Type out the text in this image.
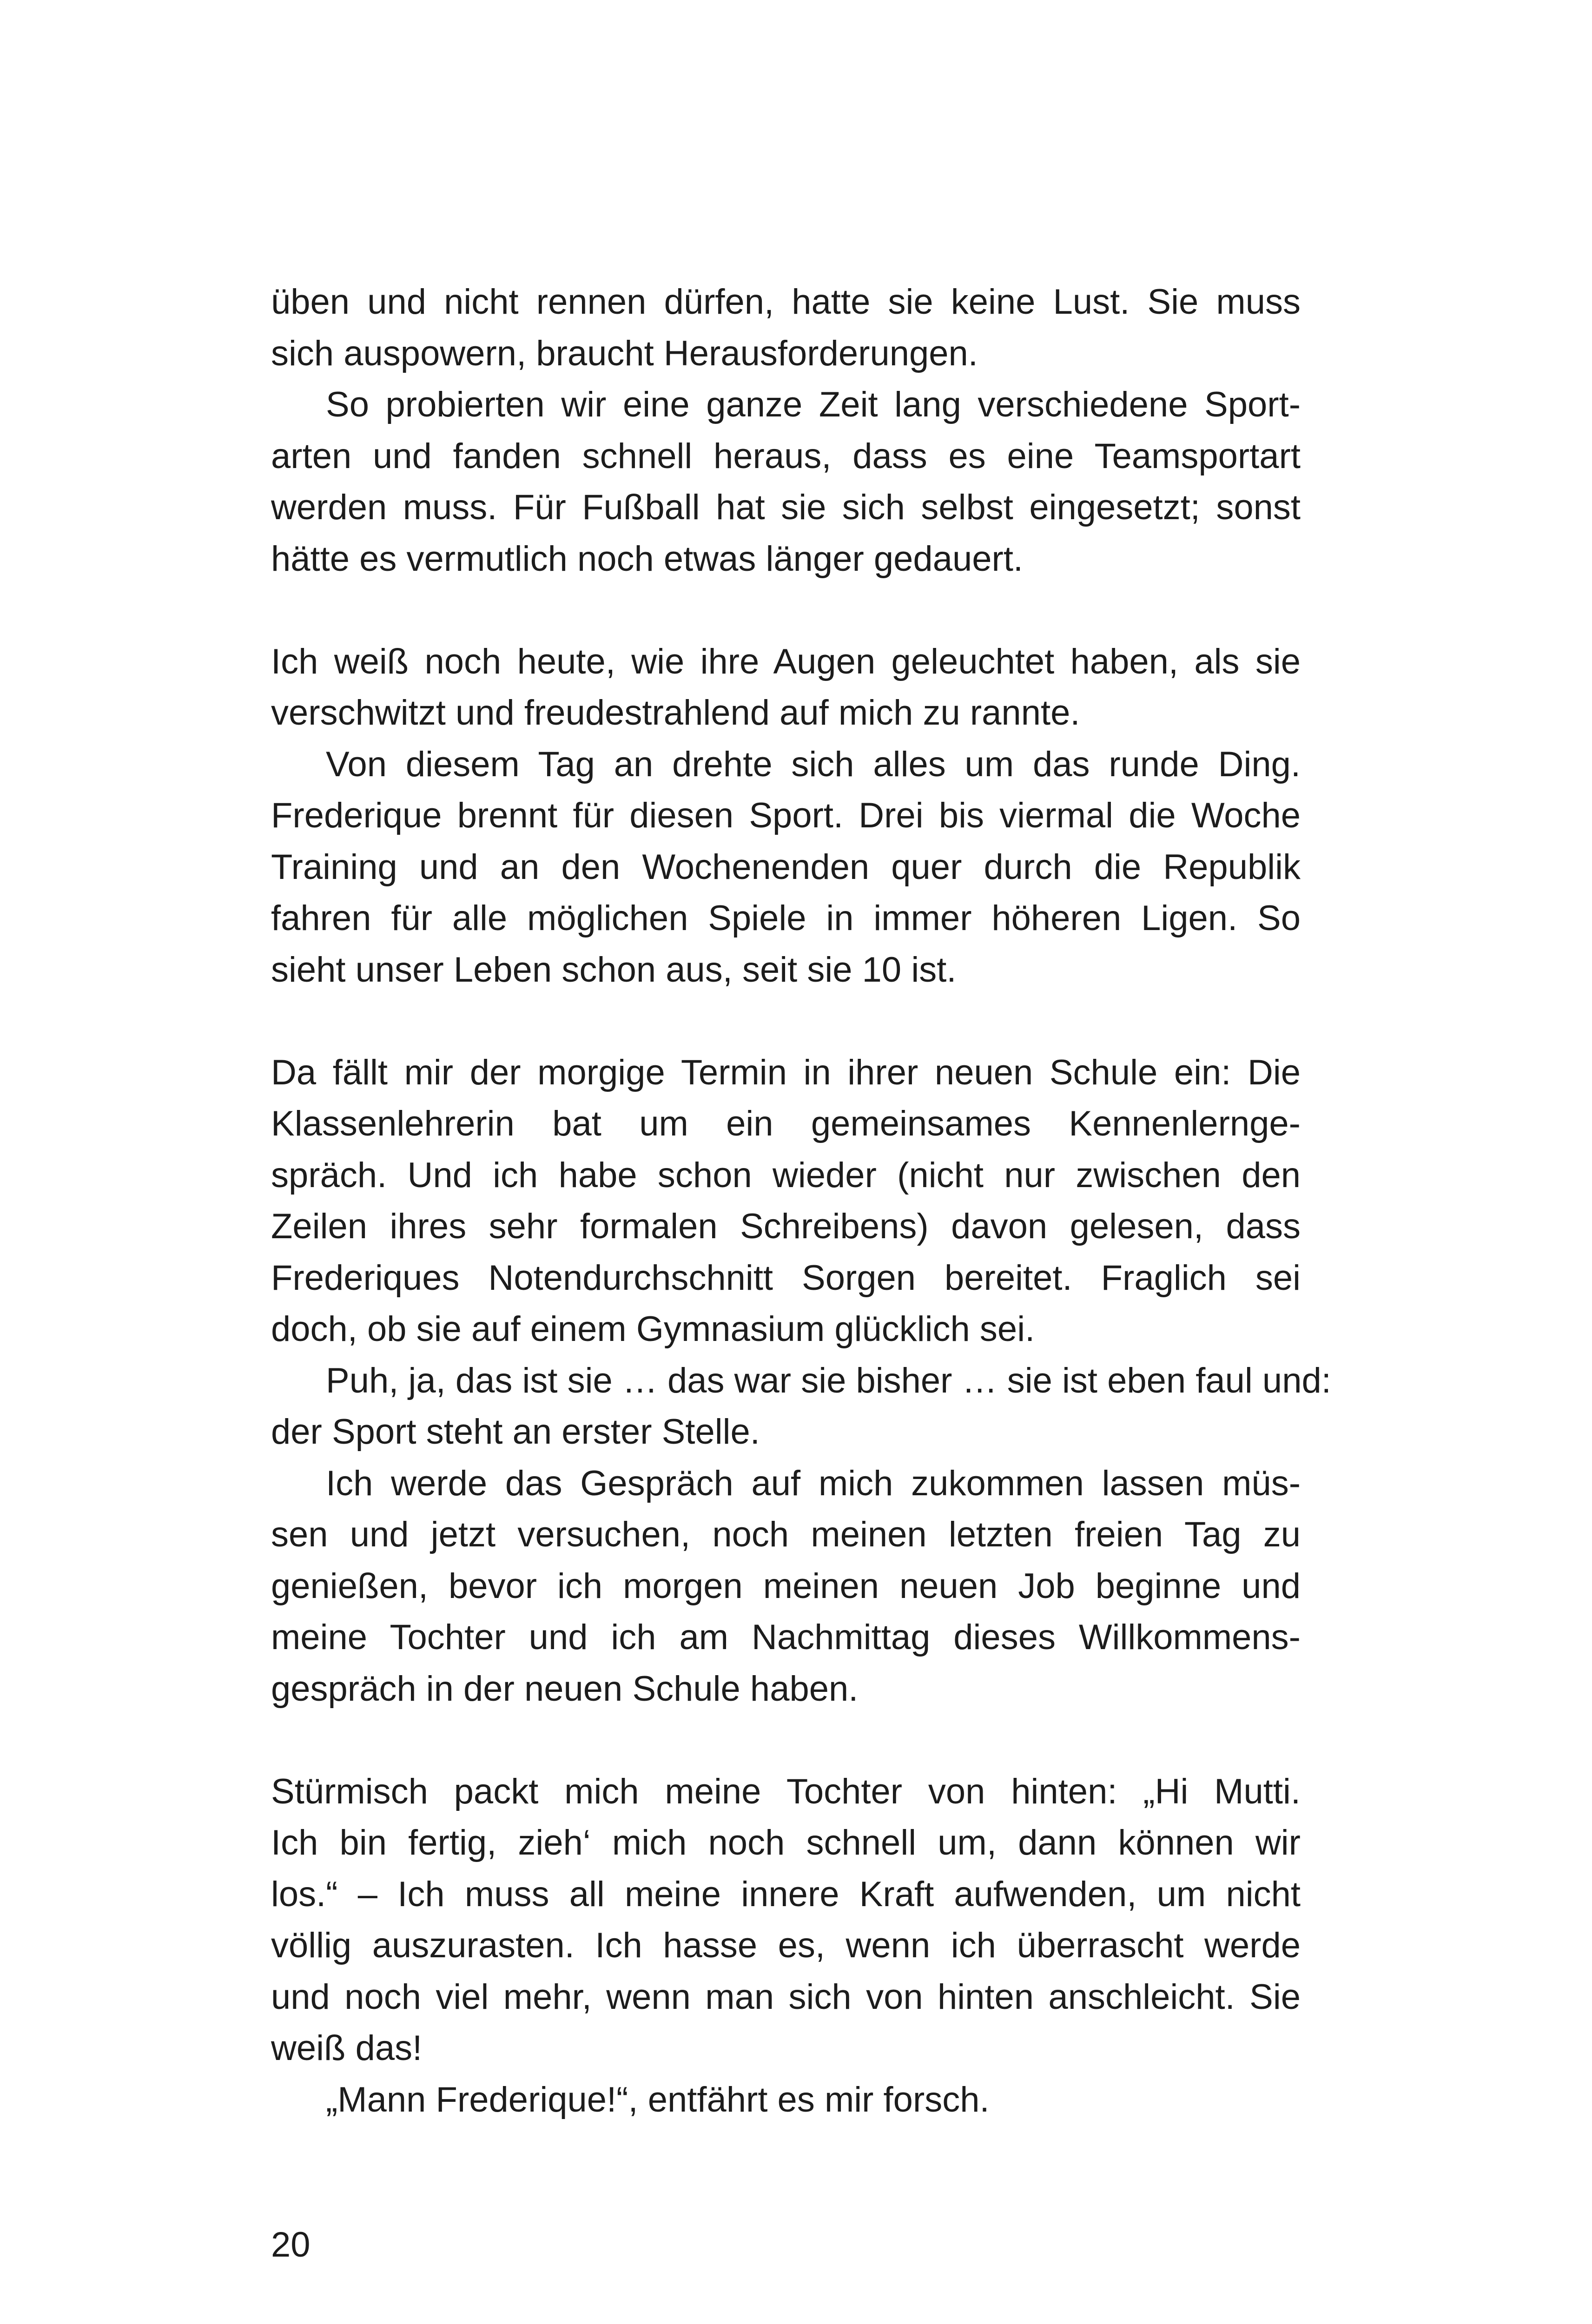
üben und nicht rennen dürfen, hatte sie keine Lust. Sie muss
sich auspowern, braucht Herausforderungen.
So probierten wir eine ganze Zeit lang verschiedene Sport-
arten und fanden schnell heraus, dass es eine Teamsportart
werden muss. Für Fußball hat sie sich selbst eingesetzt; sonst
hätte es vermutlich noch etwas länger gedauert.
Ich weiß noch heute, wie ihre Augen geleuchtet haben, als sie
verschwitzt und freudestrahlend auf mich zu rannte.
Von diesem Tag an drehte sich alles um das runde Ding.
Frederique brennt für diesen Sport. Drei bis viermal die Woche
Training und an den Wochenenden quer durch die Republik
fahren für alle möglichen Spiele in immer höheren Ligen. So
sieht unser Leben schon aus, seit sie 10 ist.
Da fällt mir der morgige Termin in ihrer neuen Schule ein: Die
Klassenlehrerin bat um ein gemeinsames Kennenlernge-
spräch. Und ich habe schon wieder (nicht nur zwischen den
Zeilen ihres sehr formalen Schreibens) davon gelesen, dass
Frederiques Notendurchschnitt Sorgen bereitet. Fraglich sei
doch, ob sie auf einem Gymnasium glücklich sei.
Puh, ja, das ist sie … das war sie bisher … sie ist eben faul und:
der Sport steht an erster Stelle.
Ich werde das Gespräch auf mich zukommen lassen müs-
sen und jetzt versuchen, noch meinen letzten freien Tag zu
genießen, bevor ich morgen meinen neuen Job beginne und
meine Tochter und ich am Nachmittag dieses Willkommens-
gespräch in der neuen Schule haben.
Stürmisch packt mich meine Tochter von hinten: „Hi Mutti.
Ich bin fertig, zieh‘ mich noch schnell um, dann können wir
los.“ – Ich muss all meine innere Kraft aufwenden, um nicht
völlig auszurasten. Ich hasse es, wenn ich überrascht werde
und noch viel mehr, wenn man sich von hinten anschleicht. Sie
weiß das!
„Mann Frederique!“, entfährt es mir forsch.
20
